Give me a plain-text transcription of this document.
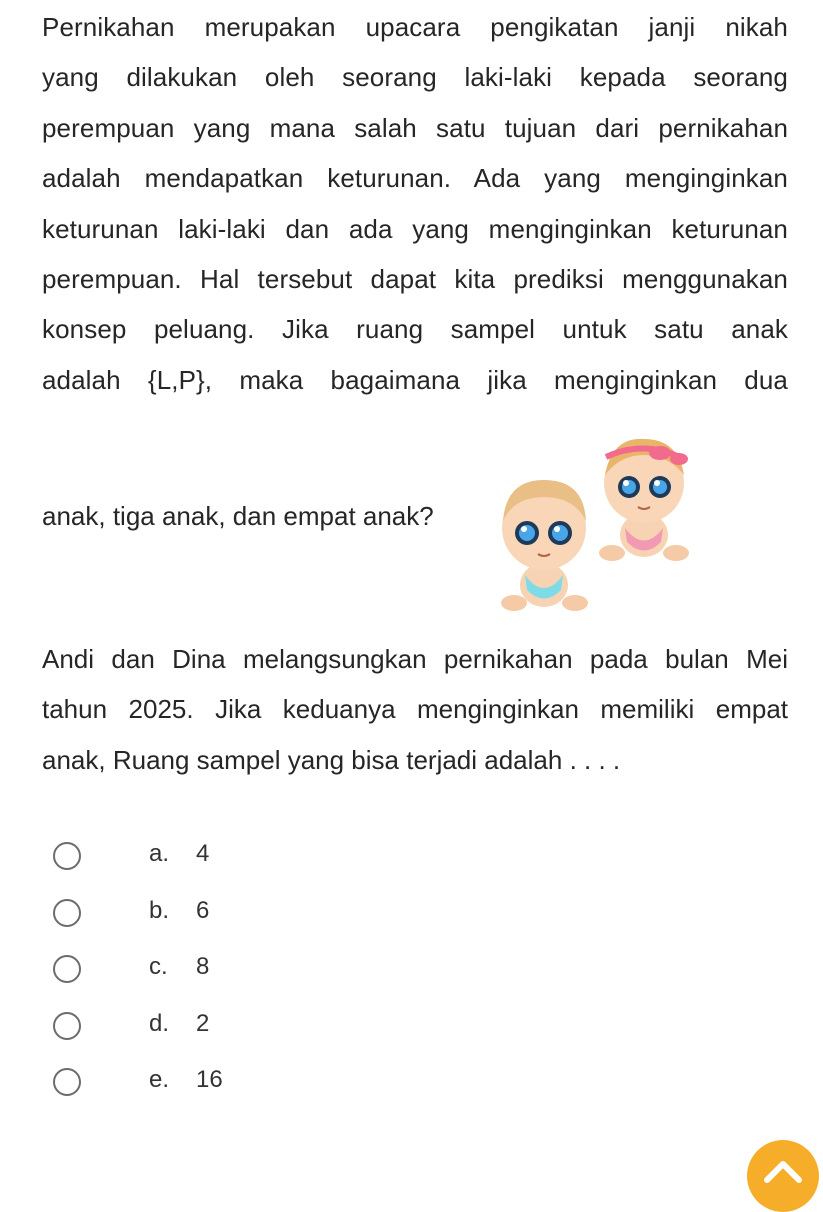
Pernikahan merupakan upacara pengikatan janji nikah
yang dilakukan oleh seorang laki-laki kepada seorang
perempuan yang mana salah satu tujuan dari pernikahan
adalah mendapatkan keturunan. Ada yang menginginkan
keturunan laki-laki dan ada yang menginginkan keturunan
perempuan. Hal tersebut dapat kita prediksi menggunakan
konsep peluang. Jika ruang sampel untuk satu anak
adalah {L,P}, maka bagaimana jika menginginkan dua
anak, tiga anak, dan empat anak?
Andi dan Dina melangsungkan pernikahan pada bulan Mei
tahun 2025. Jika keduanya menginginkan memiliki empat
anak, Ruang sampel yang bisa terjadi adalah . . . .
a. 4
b. 6
c. 8
d. 2
e. 16
